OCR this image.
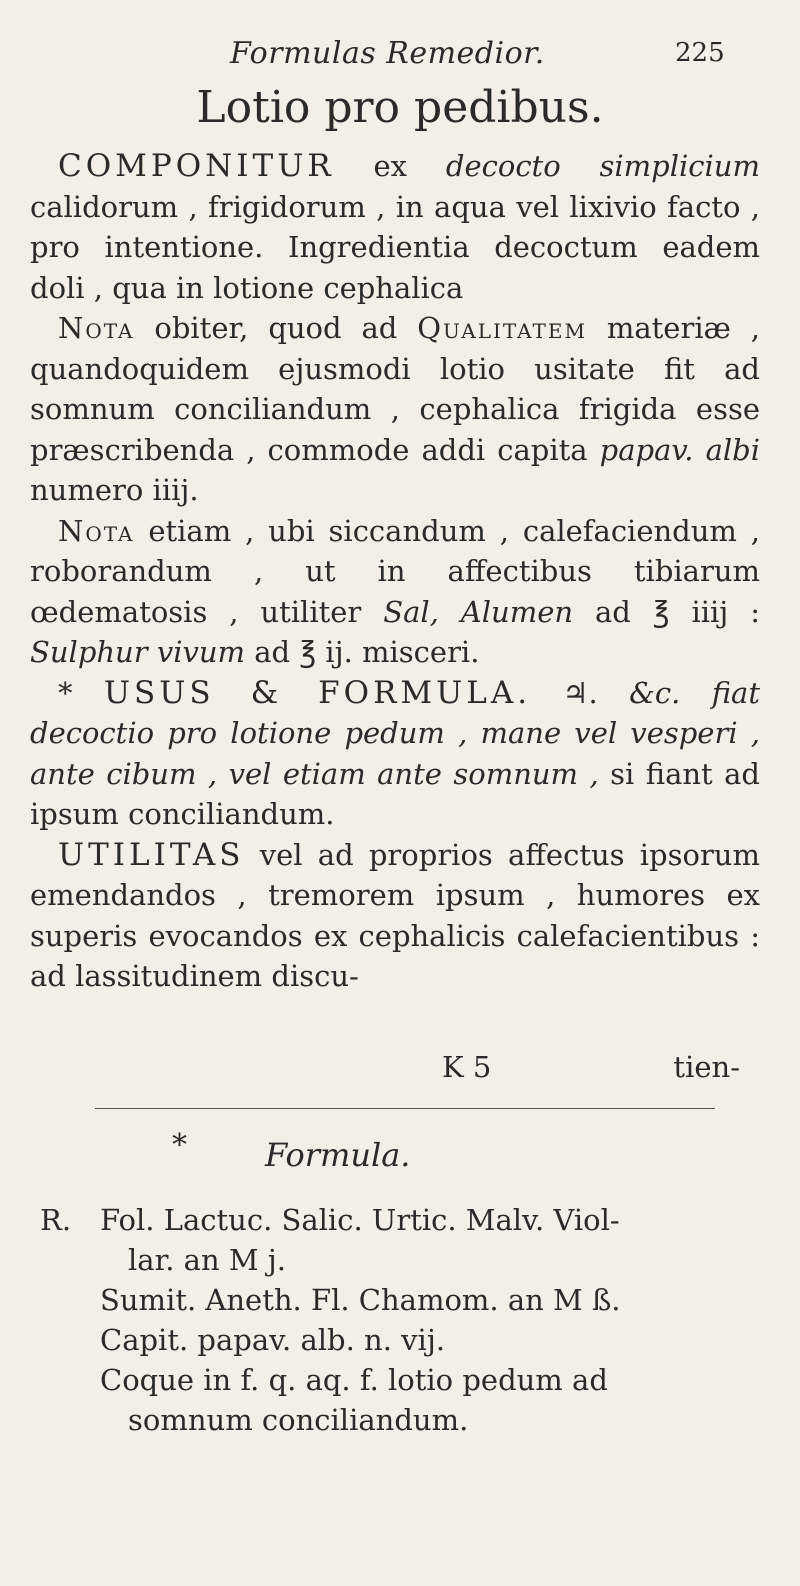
Formulas Remedior.	225
Lotio pro pedibus.

COMPONITUR ex decocto simplicium calidorum , frigidorum , in aqua vel lixivio facto , pro intentione. Ingredientia decoctum eadem doli , qua in lotione cephalica

Nota obiter, quod ad Qualitatem materiæ , quandoquidem ejusmodi lotio usitate fit ad somnum conciliandum , cephalica frigida esse præscribenda , commode addi capita papav. albi numero iiij.

Nota etiam , ubi siccandum , calefaciendum , roborandum , ut in affectibus tibiarum œdematosis , utiliter Sal, Alumen ad ℥ iiij : Sulphur vivum ad ℥ ij. misceri.

* USUS & FORMULA. ♃. &c. fiat decoctio pro lotione pedum , mane vel vesperi , ante cibum , vel etiam ante somnum , si fiant ad ipsum conciliandum.

UTILITAS vel ad proprios affectus ipsorum emendandos , tremorem ipsum , humores ex superis evocandos ex cephalicis calefacientibus : ad lassitudinem discu-

K 5	tien-
* Formula.
R. Fol. Lactuc. Salic. Urtic. Malv. Viol-
lar. an M j.
Sumit. Aneth. Fl. Chamom. an M ß.
Capit. papav. alb. n. vij.
Coque in f. q. aq. f. lotio pedum ad
somnum conciliandum.
